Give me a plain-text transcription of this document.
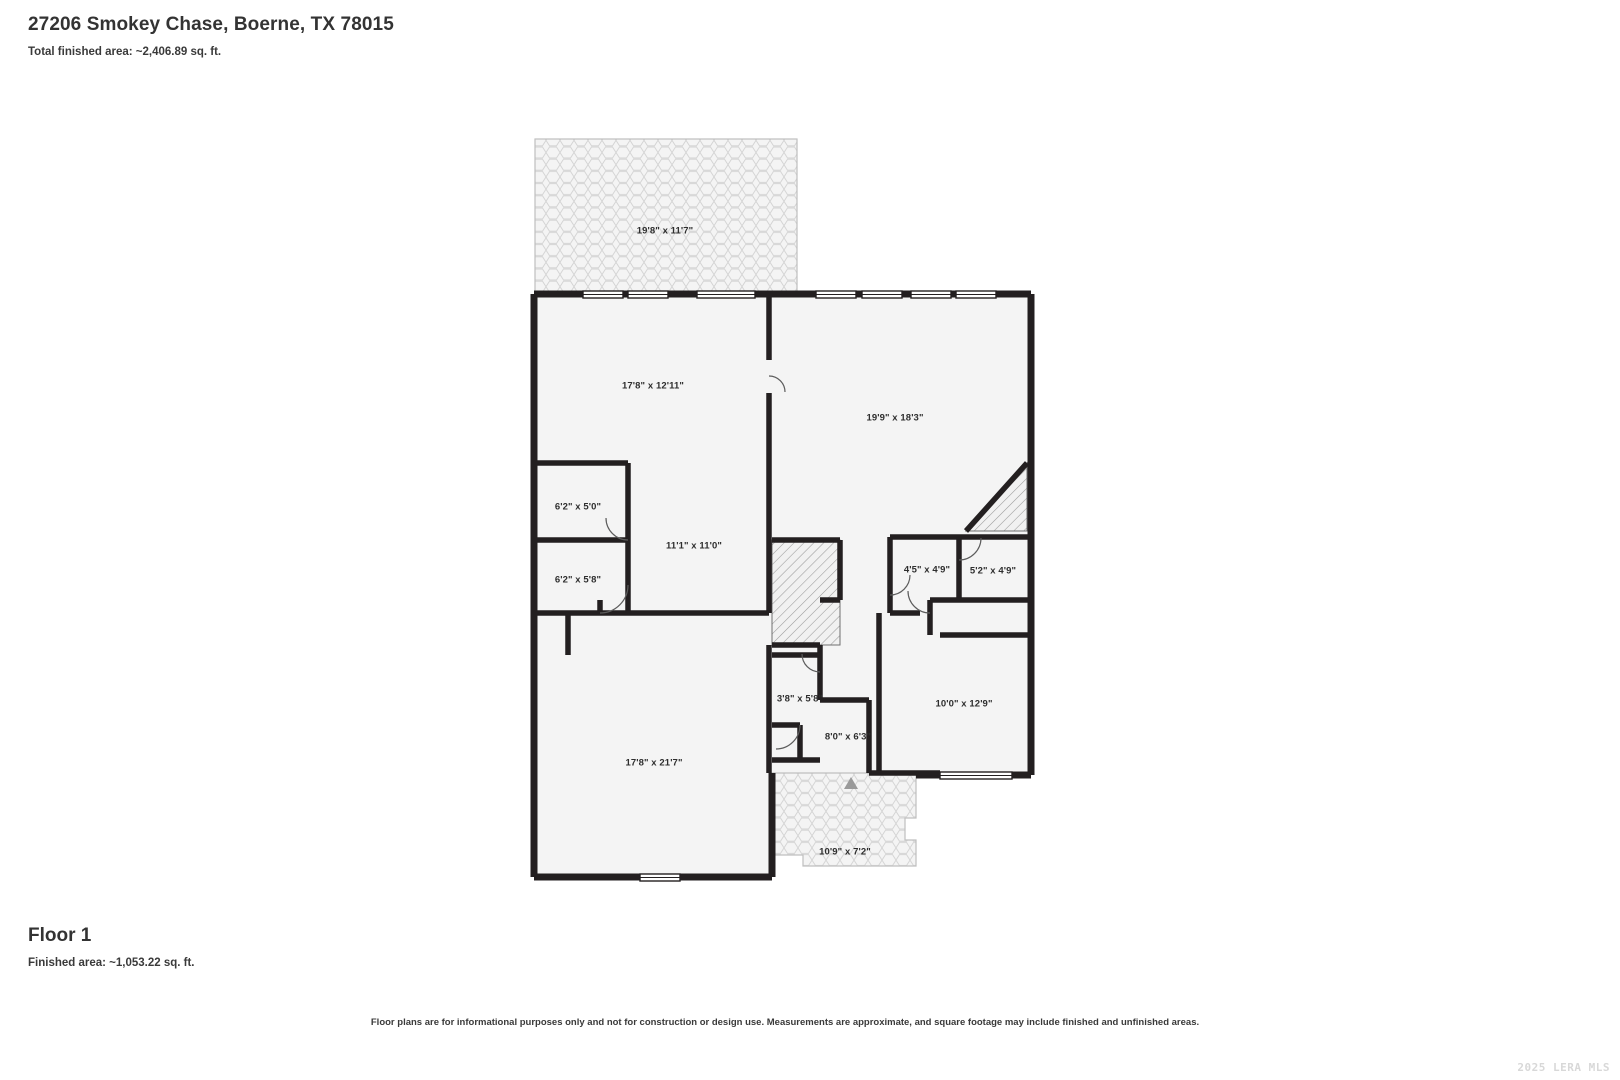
27206 Smokey Chase, Boerne, TX 78015
Total finished area: ~2,406.89 sq. ft.
19'8" x 11'7"
17'8" x 12'11"
19'9" x 18'3"
6'2" x 5'0"
11'1" x 11'0"
4'5" x 4'9" 5'2" x 4'9"
6'2" x 5'8"
3'8" x 5'8"	10'0" x 12'9"
8'0" x 6'3"
17'8" x 21'7"
10'9" x 7'2"
Floor 1
Finished area: ~1,053.22 sq. ft.
Floor plans are for informational purposes only and not for construction or design use. Measurements are approximate, and square footage may include finished and unfinished areas.
2025 LERA MLS
